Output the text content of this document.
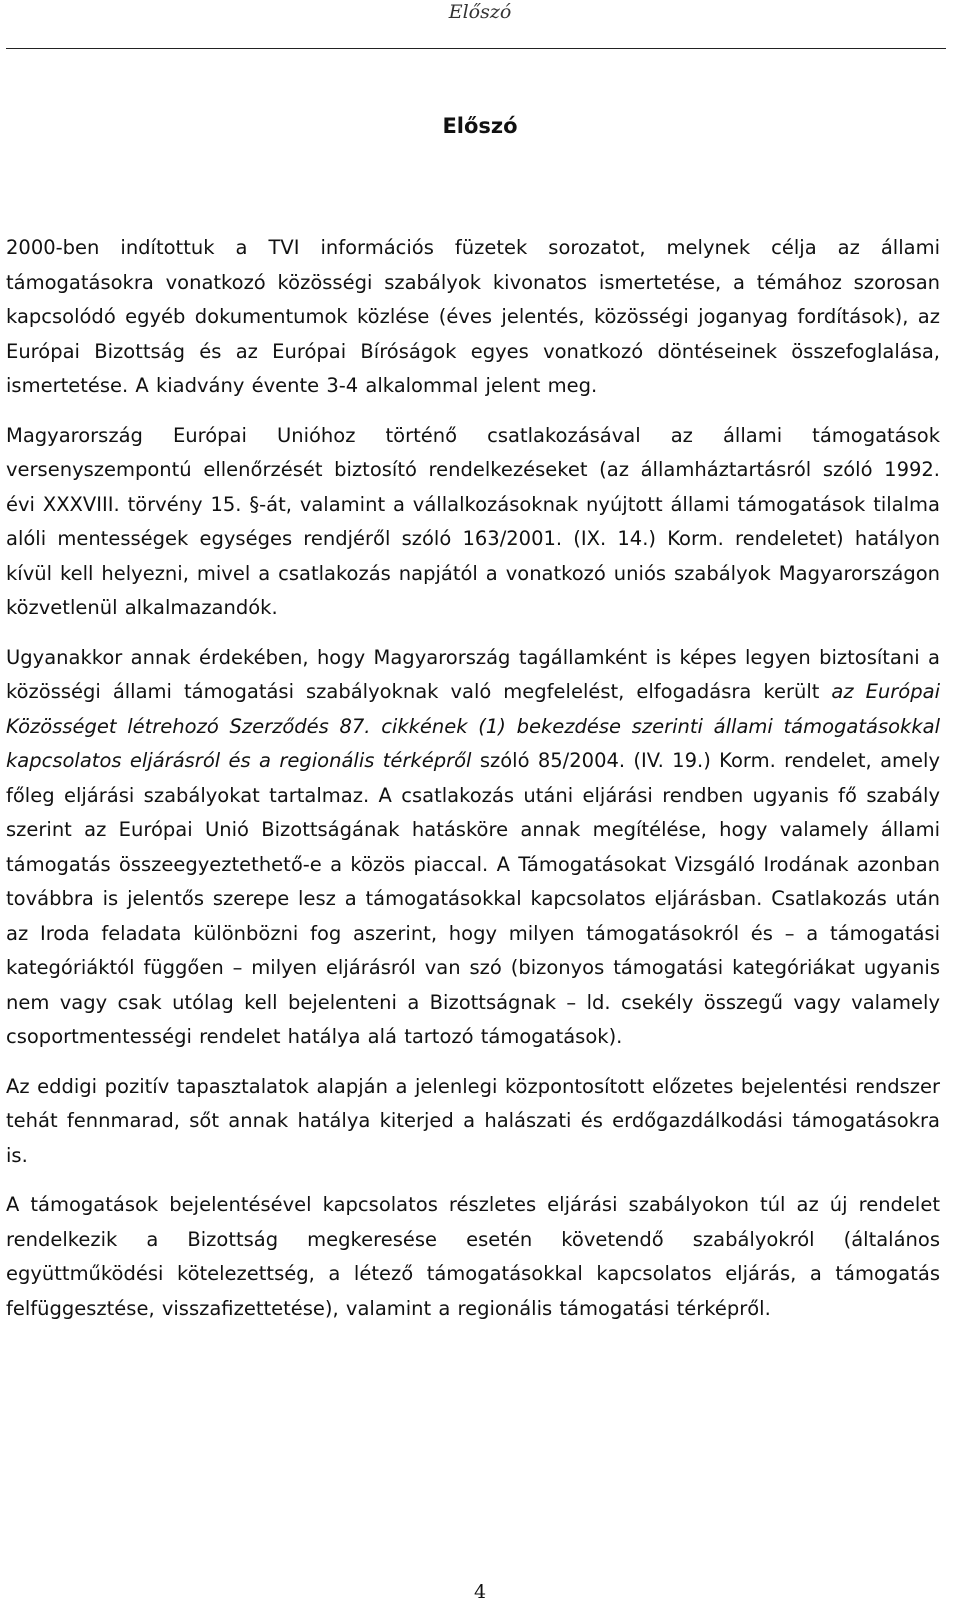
Előszó
Előszó

2000-ben indítottuk a TVI információs füzetek sorozatot, melynek célja az állami támogatásokra vonatkozó közösségi szabályok kivonatos ismertetése, a témához szorosan kapcsolódó egyéb dokumentumok közlése (éves jelentés, közösségi joganyag fordítások), az Európai Bizottság és az Európai Bíróságok egyes vonatkozó döntéseinek összefoglalása, ismertetése. A kiadvány évente 3-4 alkalommal jelent meg.

Magyarország Európai Unióhoz történő csatlakozásával az állami támogatások versenyszempontú ellenőrzését biztosító rendelkezéseket (az államháztartásról szóló 1992. évi XXXVIII. törvény 15. §-át, valamint a vállalkozásoknak nyújtott állami támogatások tilalma alóli mentességek egységes rendjéről szóló 163/2001. (IX. 14.) Korm. rendeletet) hatályon kívül kell helyezni, mivel a csatlakozás napjától a vonatkozó uniós szabályok Magyarországon közvetlenül alkalmazandók.

Ugyanakkor annak érdekében, hogy Magyarország tagállamként is képes legyen biztosítani a közösségi állami támogatási szabályoknak való megfelelést, elfogadásra került az Európai Közösséget létrehozó Szerződés 87. cikkének (1) bekezdése szerinti állami támogatásokkal kapcsolatos eljárásról és a regionális térképről szóló 85/2004. (IV. 19.) Korm. rendelet, amely főleg eljárási szabályokat tartalmaz. A csatlakozás utáni eljárási rendben ugyanis fő szabály szerint az Európai Unió Bizottságának hatásköre annak megítélése, hogy valamely állami támogatás összeegyeztethető-e a közös piaccal. A Támogatásokat Vizsgáló Irodának azonban továbbra is jelentős szerepe lesz a támogatásokkal kapcsolatos eljárásban. Csatlakozás után az Iroda feladata különbözni fog aszerint, hogy milyen támogatásokról és – a támogatási kategóriáktól függően – milyen eljárásról van szó (bizonyos támogatási kategóriákat ugyanis nem vagy csak utólag kell bejelenteni a Bizottságnak – ld. csekély összegű vagy valamely csoportmentességi rendelet hatálya alá tartozó támogatások).

Az eddigi pozitív tapasztalatok alapján a jelenlegi központosított előzetes bejelentési rendszer tehát fennmarad, sőt annak hatálya kiterjed a halászati és erdőgazdálkodási támogatásokra is.

A támogatások bejelentésével kapcsolatos részletes eljárási szabályokon túl az új rendelet rendelkezik a Bizottság megkeresése esetén követendő szabályokról (általános együttműködési kötelezettség, a létező támogatásokkal kapcsolatos eljárás, a támogatás felfüggesztése, visszafizettetése), valamint a regionális támogatási térképről.

4
